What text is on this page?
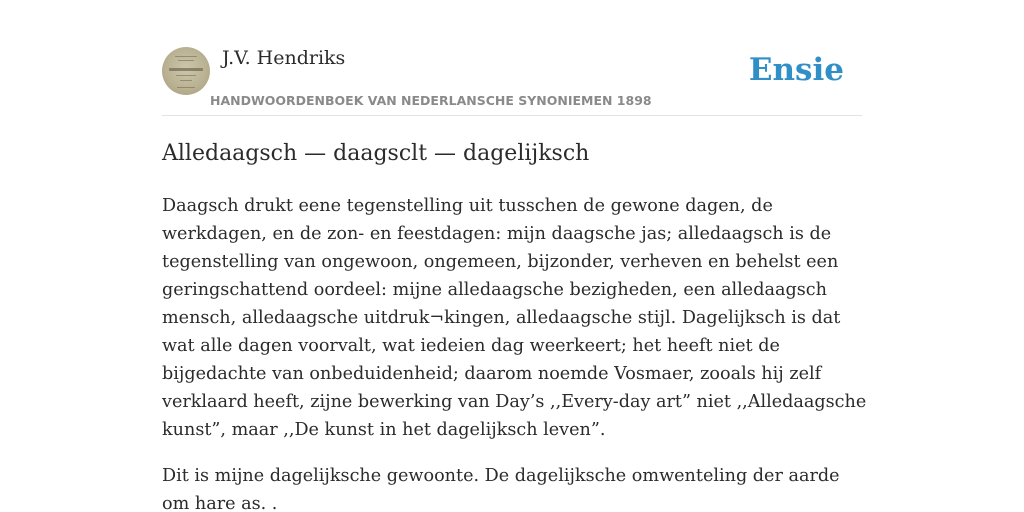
J.V. Hendriks
HANDWOORDENBOEK VAN NEDERLANSCHE SYNONIEMEN 1898
Ensie
Alledaagsch — daagsclt — dagelijksch

Daagsch drukt eene tegenstelling uit tusschen de gewone dagen, de werkdagen, en de zon- en feestdagen: mijn daagsche jas; alledaagsch is de tegenstelling van ongewoon, ongemeen, bijzonder, verheven en behelst een geringschattend oordeel: mijne alledaagsche bezigheden, een alledaagsch mensch, alledaagsche uitdruk¬kingen, alledaagsche stijl. Dagelijksch is dat wat alle dagen voorvalt, wat iedeien dag weerkeert; het heeft niet de bijgedachte van onbeduidenheid; daarom noemde Vosmaer, zooals hij zelf verklaard heeft, zijne bewerking van Day’s ,,Every-day art” niet ,,Alledaagsche kunst”, maar ,,De kunst in het dagelijksch leven”.

Dit is mijne dagelijksche gewoonte. De dagelijksche omwenteling der aarde om hare as. .
